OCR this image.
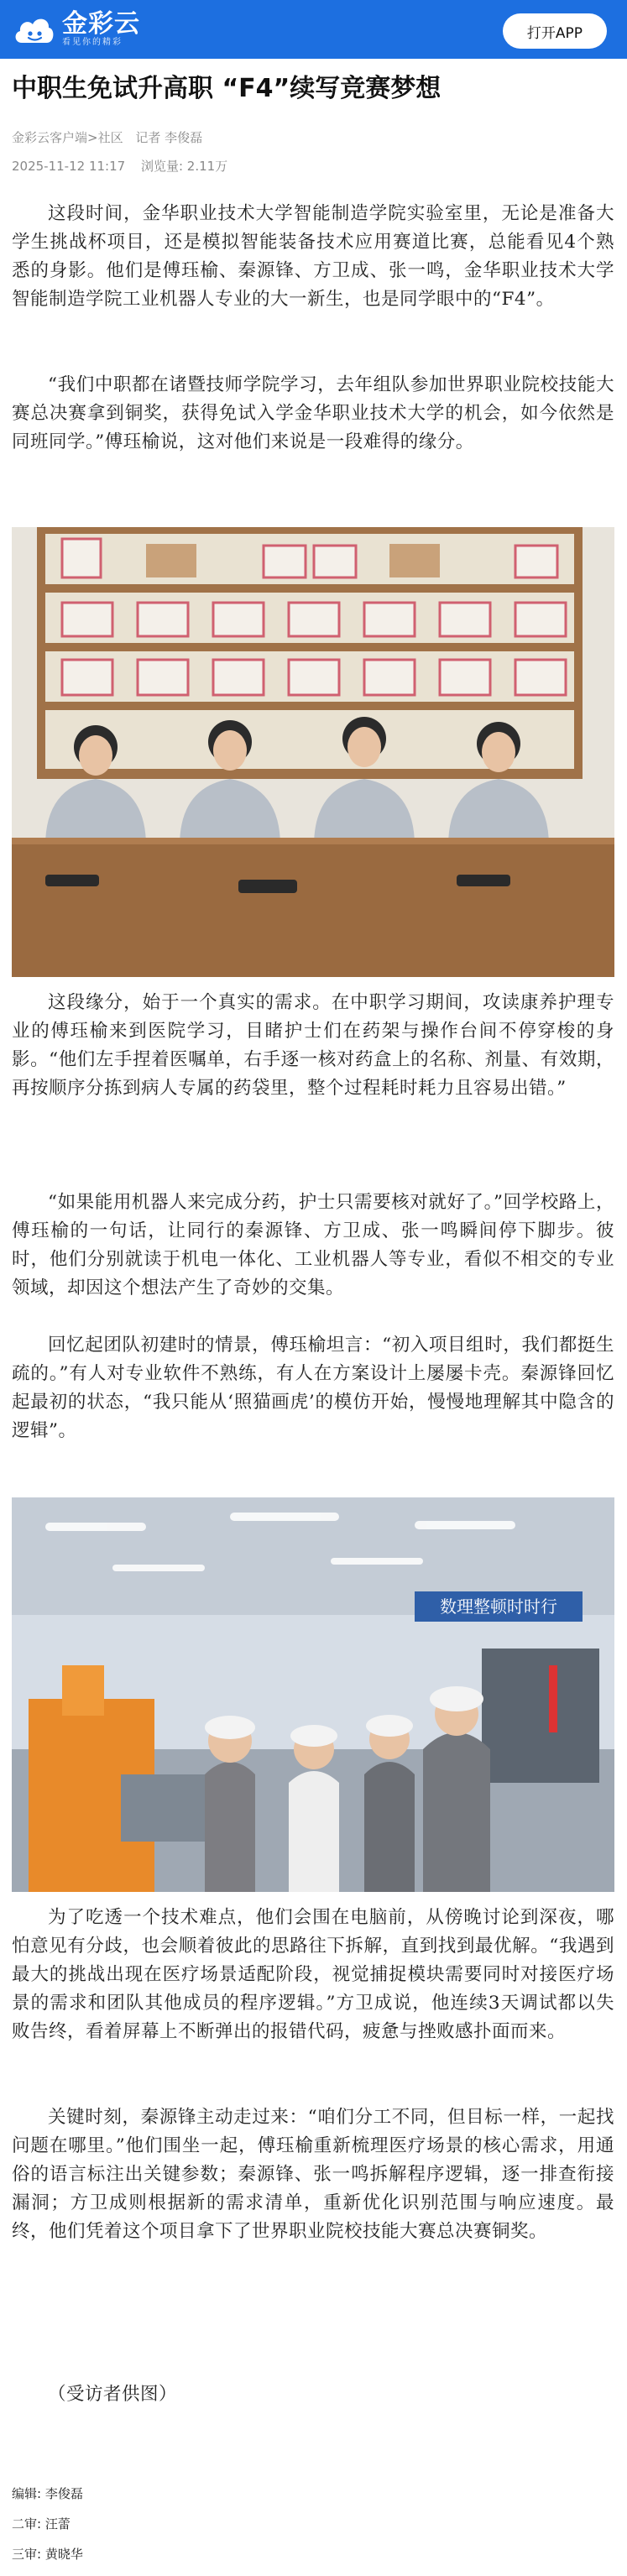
金彩云
看见你的精彩
打开APP
中职生免试升高职 “F4”续写竞赛梦想
金彩云客户端>社区 记者 李俊磊
2025-11-12 11:17 浏览量: 2.11万

这段时间，金华职业技术大学智能制造学院实验室里，无论是准备大学生挑战杯项目，还是模拟智能装备技术应用赛道比赛，总能看见4个熟悉的身影。他们是傅珏榆、秦源锋、方卫成、张一鸣，金华职业技术大学智能制造学院工业机器人专业的大一新生，也是同学眼中的“F4”。

“我们中职都在诸暨技师学院学习，去年组队参加世界职业院校技能大赛总决赛拿到铜奖，获得免试入学金华职业技术大学的机会，如今依然是同班同学。”傅珏榆说，这对他们来说是一段难得的缘分。

这段缘分，始于一个真实的需求。在中职学习期间，攻读康养护理专业的傅珏榆来到医院学习，目睹护士们在药架与操作台间不停穿梭的身影。“他们左手捏着医嘱单，右手逐一核对药盒上的名称、剂量、有效期，再按顺序分拣到病人专属的药袋里，整个过程耗时耗力且容易出错。”

“如果能用机器人来完成分药，护士只需要核对就好了。”回学校路上，傅珏榆的一句话，让同行的秦源锋、方卫成、张一鸣瞬间停下脚步。彼时，他们分别就读于机电一体化、工业机器人等专业，看似不相交的专业领域，却因这个想法产生了奇妙的交集。

回忆起团队初建时的情景，傅珏榆坦言：“初入项目组时，我们都挺生疏的。”有人对专业软件不熟练，有人在方案设计上屡屡卡壳。秦源锋回忆起最初的状态，“我只能从‘照猫画虎’的模仿开始，慢慢地理解其中隐含的逻辑”。

数理整顿时时行

为了吃透一个技术难点，他们会围在电脑前，从傍晚讨论到深夜，哪怕意见有分歧，也会顺着彼此的思路往下拆解，直到找到最优解。“我遇到最大的挑战出现在医疗场景适配阶段，视觉捕捉模块需要同时对接医疗场景的需求和团队其他成员的程序逻辑。”方卫成说，他连续3天调试都以失败告终，看着屏幕上不断弹出的报错代码，疲惫与挫败感扑面而来。

关键时刻，秦源锋主动走过来：“咱们分工不同，但目标一样，一起找问题在哪里。”他们围坐一起，傅珏榆重新梳理医疗场景的核心需求，用通俗的语言标注出关键参数；秦源锋、张一鸣拆解程序逻辑，逐一排查衔接漏洞；方卫成则根据新的需求清单，重新优化识别范围与响应速度。最终，他们凭着这个项目拿下了世界职业院校技能大赛总决赛铜奖。

（受访者供图）

编辑: 李俊磊
二审: 汪蕾
三审: 黄晓华
